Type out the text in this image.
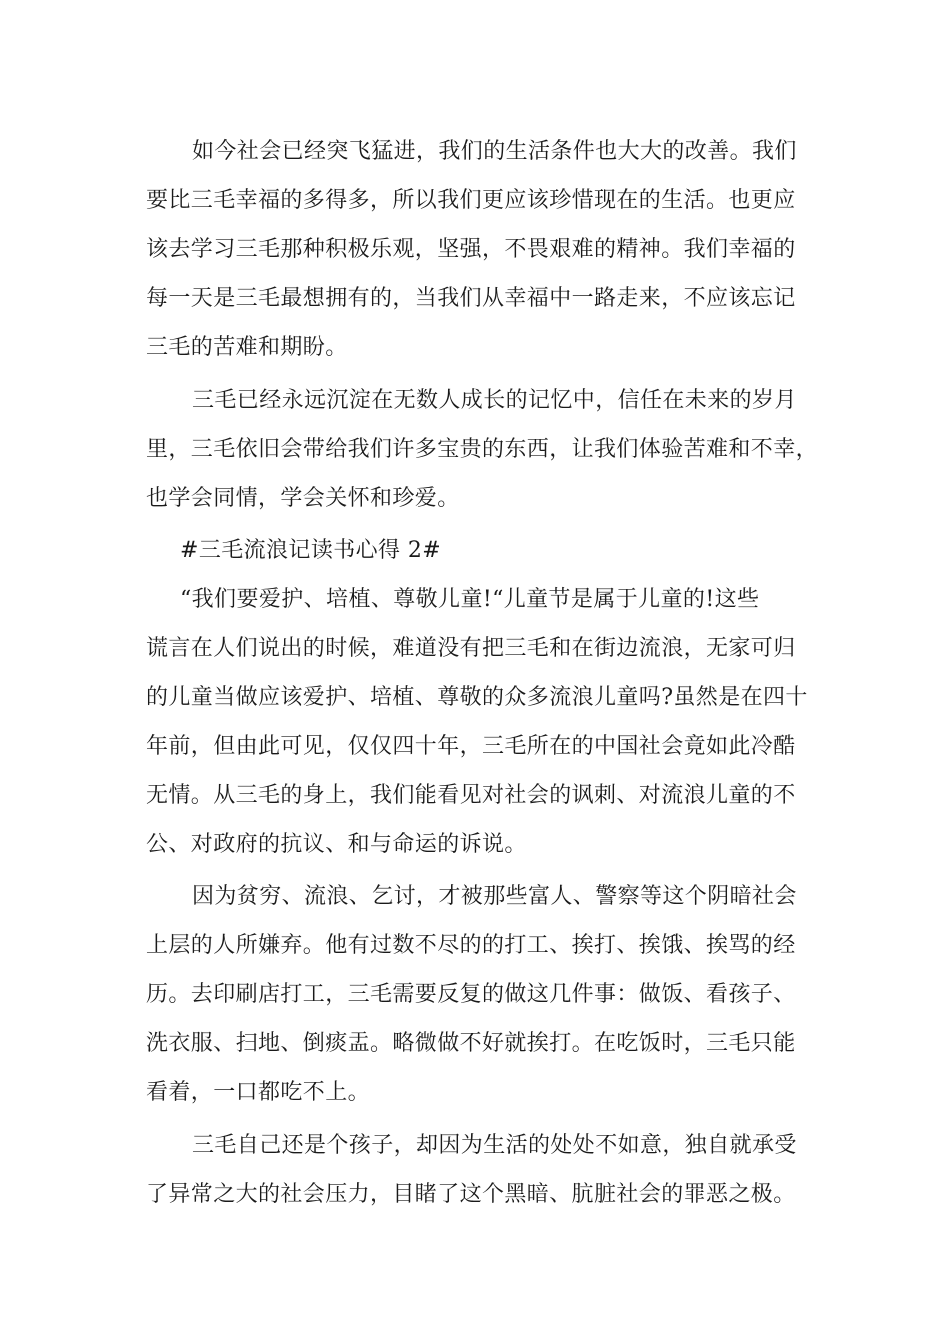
如今社会已经突飞猛进，我们的生活条件也大大的改善。我们
要比三毛幸福的多得多，所以我们更应该珍惜现在的生活。也更应
该去学习三毛那种积极乐观，坚强，不畏艰难的精神。我们幸福的
每一天是三毛最想拥有的，当我们从幸福中一路走来，不应该忘记
三毛的苦难和期盼。
三毛已经永远沉淀在无数人成长的记忆中，信任在未来的岁月
里，三毛依旧会带给我们许多宝贵的东西，让我们体验苦难和不幸，
也学会同情，学会关怀和珍爱。
#三毛流浪记读书心得 2#
“我们要爱护、培植、尊敬儿童!“儿童节是属于儿童的!这些
谎言在人们说出的时候，难道没有把三毛和在街边流浪，无家可归
的儿童当做应该爱护、培植、尊敬的众多流浪儿童吗?虽然是在四十
年前，但由此可见，仅仅四十年，三毛所在的中国社会竟如此冷酷
无情。从三毛的身上，我们能看见对社会的讽刺、对流浪儿童的不
公、对政府的抗议、和与命运的诉说。
因为贫穷、流浪、乞讨，才被那些富人、警察等这个阴暗社会
上层的人所嫌弃。他有过数不尽的的打工、挨打、挨饿、挨骂的经
历。去印刷店打工，三毛需要反复的做这几件事：做饭、看孩子、
洗衣服、扫地、倒痰盂。略微做不好就挨打。在吃饭时，三毛只能
看着，一口都吃不上。
三毛自己还是个孩子，却因为生活的处处不如意，独自就承受
了异常之大的社会压力，目睹了这个黑暗、肮脏社会的罪恶之极。
